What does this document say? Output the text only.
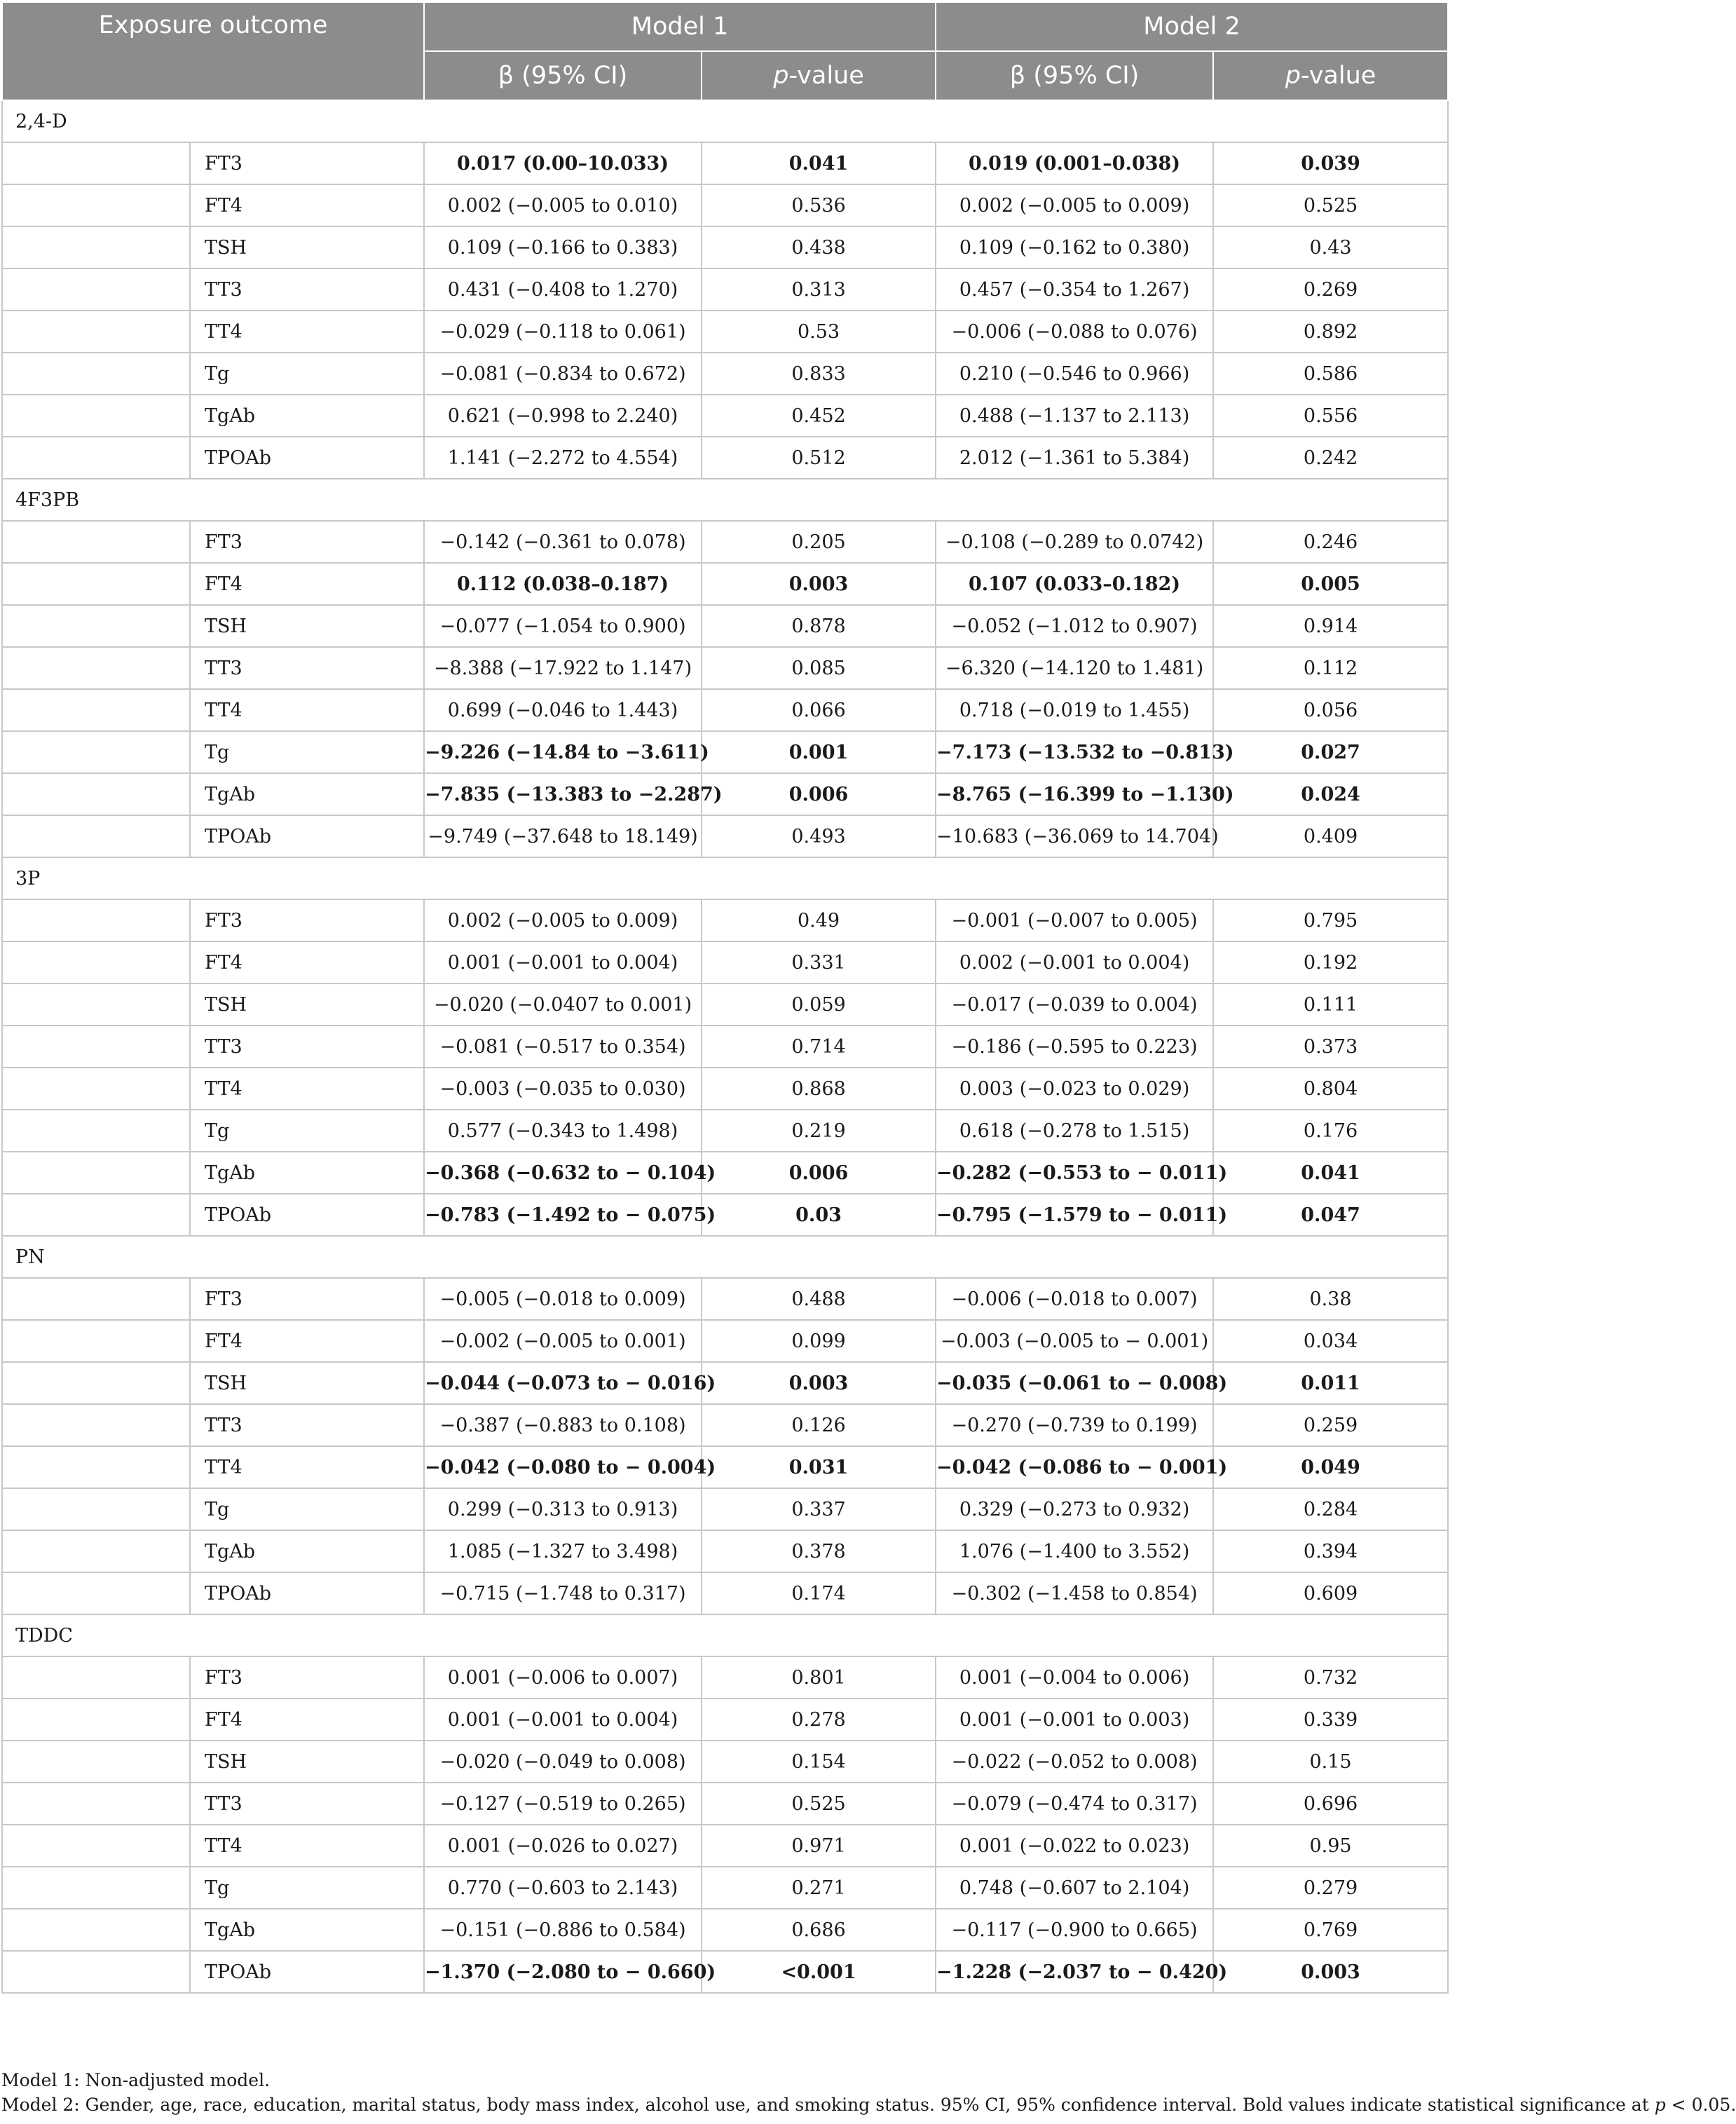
Exposure outcome		Model 1		Model 2	
		β (95% CI)	p-value	β (95% CI)	p-value
2,4-D					
	FT3	0.017 (0.00–10.033)	0.041	0.019 (0.001–0.038)	0.039
	FT4	0.002 (−0.005 to 0.010)	0.536	0.002 (−0.005 to 0.009)	0.525
	TSH	0.109 (−0.166 to 0.383)	0.438	0.109 (−0.162 to 0.380)	0.43
	TT3	0.431 (−0.408 to 1.270)	0.313	0.457 (−0.354 to 1.267)	0.269
	TT4	−0.029 (−0.118 to 0.061)	0.53	−0.006 (−0.088 to 0.076)	0.892
	Tg	−0.081 (−0.834 to 0.672)	0.833	0.210 (−0.546 to 0.966)	0.586
	TgAb	0.621 (−0.998 to 2.240)	0.452	0.488 (−1.137 to 2.113)	0.556
	TPOAb	1.141 (−2.272 to 4.554)	0.512	2.012 (−1.361 to 5.384)	0.242
4F3PB					
	FT3	−0.142 (−0.361 to 0.078)	0.205	−0.108 (−0.289 to 0.0742)	0.246
	FT4	0.112 (0.038–0.187)	0.003	0.107 (0.033–0.182)	0.005
	TSH	−0.077 (−1.054 to 0.900)	0.878	−0.052 (−1.012 to 0.907)	0.914
	TT3	−8.388 (−17.922 to 1.147)	0.085	−6.320 (−14.120 to 1.481)	0.112
	TT4	0.699 (−0.046 to 1.443)	0.066	0.718 (−0.019 to 1.455)	0.056
	Tg	−9.226 (−14.84 to −3.611)	0.001	−7.173 (−13.532 to −0.813)	0.027
	TgAb	−7.835 (−13.383 to −2.287)	0.006	−8.765 (−16.399 to −1.130)	0.024
	TPOAb	−9.749 (−37.648 to 18.149)	0.493	−10.683 (−36.069 to 14.704)	0.409
3P					
	FT3	0.002 (−0.005 to 0.009)	0.49	−0.001 (−0.007 to 0.005)	0.795
	FT4	0.001 (−0.001 to 0.004)	0.331	0.002 (−0.001 to 0.004)	0.192
	TSH	−0.020 (−0.0407 to 0.001)	0.059	−0.017 (−0.039 to 0.004)	0.111
	TT3	−0.081 (−0.517 to 0.354)	0.714	−0.186 (−0.595 to 0.223)	0.373
	TT4	−0.003 (−0.035 to 0.030)	0.868	0.003 (−0.023 to 0.029)	0.804
	Tg	0.577 (−0.343 to 1.498)	0.219	0.618 (−0.278 to 1.515)	0.176
	TgAb	−0.368 (−0.632 to − 0.104)	0.006	−0.282 (−0.553 to − 0.011)	0.041
	TPOAb	−0.783 (−1.492 to − 0.075)	0.03	−0.795 (−1.579 to − 0.011)	0.047
PN					
	FT3	−0.005 (−0.018 to 0.009)	0.488	−0.006 (−0.018 to 0.007)	0.38
	FT4	−0.002 (−0.005 to 0.001)	0.099	−0.003 (−0.005 to − 0.001)	0.034
	TSH	−0.044 (−0.073 to − 0.016)	0.003	−0.035 (−0.061 to − 0.008)	0.011
	TT3	−0.387 (−0.883 to 0.108)	0.126	−0.270 (−0.739 to 0.199)	0.259
	TT4	−0.042 (−0.080 to − 0.004)	0.031	−0.042 (−0.086 to − 0.001)	0.049
	Tg	0.299 (−0.313 to 0.913)	0.337	0.329 (−0.273 to 0.932)	0.284
	TgAb	1.085 (−1.327 to 3.498)	0.378	1.076 (−1.400 to 3.552)	0.394
	TPOAb	−0.715 (−1.748 to 0.317)	0.174	−0.302 (−1.458 to 0.854)	0.609
TDDC					
	FT3	0.001 (−0.006 to 0.007)	0.801	0.001 (−0.004 to 0.006)	0.732
	FT4	0.001 (−0.001 to 0.004)	0.278	0.001 (−0.001 to 0.003)	0.339
	TSH	−0.020 (−0.049 to 0.008)	0.154	−0.022 (−0.052 to 0.008)	0.15
	TT3	−0.127 (−0.519 to 0.265)	0.525	−0.079 (−0.474 to 0.317)	0.696
	TT4	0.001 (−0.026 to 0.027)	0.971	0.001 (−0.022 to 0.023)	0.95
	Tg	0.770 (−0.603 to 2.143)	0.271	0.748 (−0.607 to 2.104)	0.279
	TgAb	−0.151 (−0.886 to 0.584)	0.686	−0.117 (−0.900 to 0.665)	0.769
	TPOAb	−1.370 (−2.080 to − 0.660)	<0.001	−1.228 (−2.037 to − 0.420)	0.003
Model 1: Non-adjusted model.
Model 2: Gender, age, race, education, marital status, body mass index, alcohol use, and smoking status. 95% CI, 95% confidence interval. Bold values indicate statistical significance at p < 0.05.
